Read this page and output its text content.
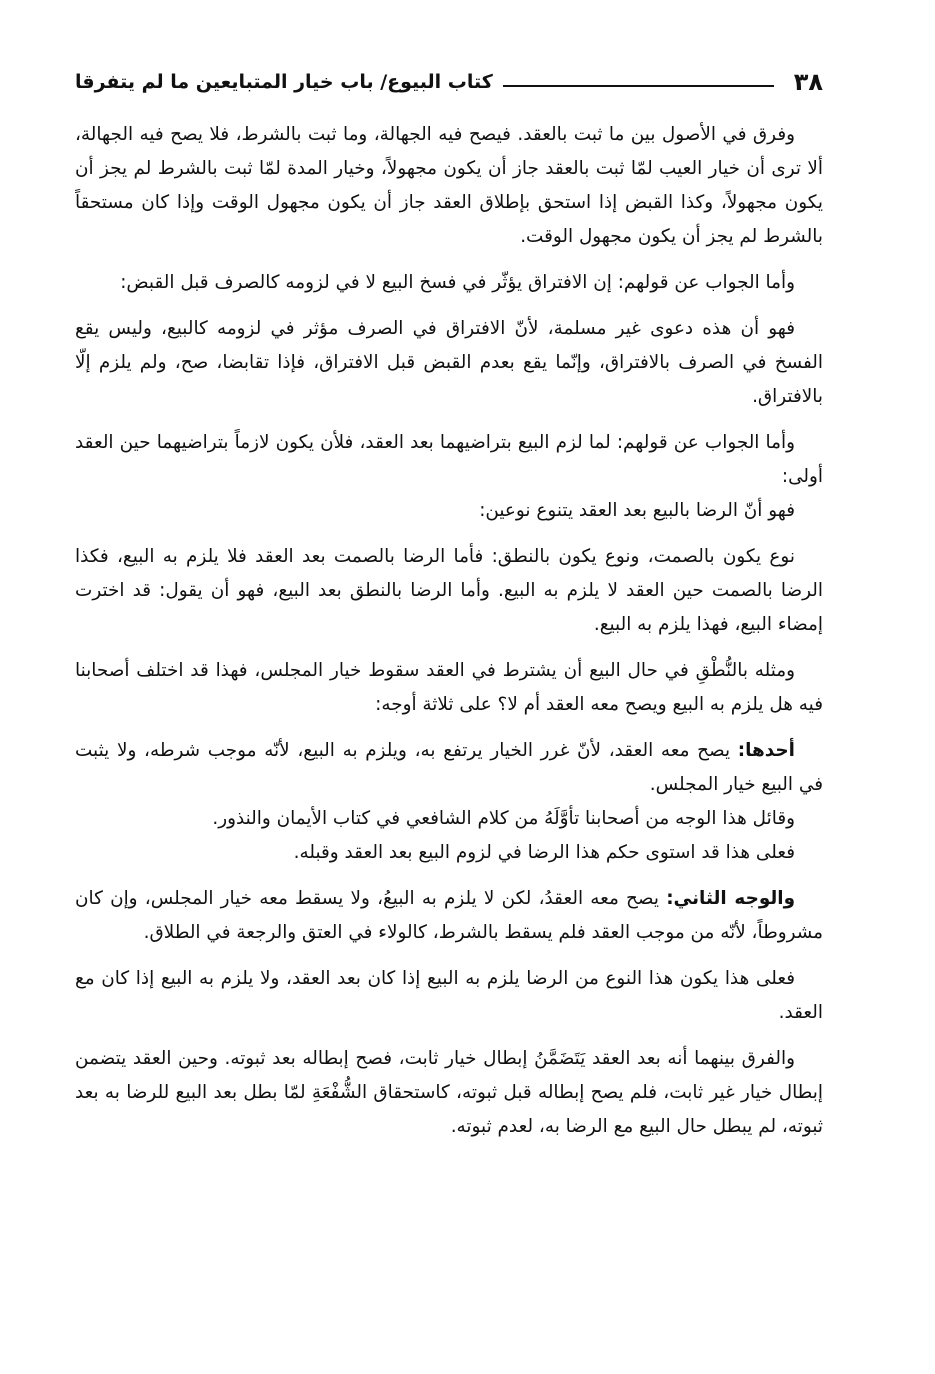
٣٨
كتاب البيوع/ باب خيار المتبايعين ما لم يتفرقا

وفرق في الأصول بين ما ثبت بالعقد. فيصح فيه الجهالة، وما ثبت بالشرط، فلا يصح فيه الجهالة، ألا ترى أن خيار العيب لمّا ثبت بالعقد جاز أن يكون مجهولاً، وخيار المدة لمّا ثبت بالشرط لم يجز أن يكون مجهولاً، وكذا القبض إذا استحق بإطلاق العقد جاز أن يكون مجهول الوقت وإذا كان مستحقاً بالشرط لم يجز أن يكون مجهول الوقت.

وأما الجواب عن قولهم: إن الافتراق يؤثّر في فسخ البيع لا في لزومه كالصرف قبل القبض:

فهو أن هذه دعوى غير مسلمة، لأنّ الافتراق في الصرف مؤثر في لزومه كالبيع، وليس يقع الفسخ في الصرف بالافتراق، وإنّما يقع بعدم القبض قبل الافتراق، فإذا تقابضا، صح، ولم يلزم إلّا بالافتراق.

وأما الجواب عن قولهم: لما لزم البيع بتراضيهما بعد العقد، فلأن يكون لازماً بتراضيهما حين العقد أولى:

فهو أنّ الرضا بالبيع بعد العقد يتنوع نوعين:

نوع يكون بالصمت، ونوع يكون بالنطق: فأما الرضا بالصمت بعد العقد فلا يلزم به البيع، فكذا الرضا بالصمت حين العقد لا يلزم به البيع. وأما الرضا بالنطق بعد البيع، فهو أن يقول: قد اخترت إمضاء البيع، فهذا يلزم به البيع.

ومثله بالنُّطْقِ في حال البيع أن يشترط في العقد سقوط خيار المجلس، فهذا قد اختلف أصحابنا فيه هل يلزم به البيع ويصح معه العقد أم لا؟ على ثلاثة أوجه:

أحدها: يصح معه العقد، لأنّ غرر الخيار يرتفع به، ويلزم به البيع، لأنّه موجب شرطه، ولا يثبت في البيع خيار المجلس.

وقائل هذا الوجه من أصحابنا تأوَّلَهُ من كلام الشافعي في كتاب الأيمان والنذور.

فعلى هذا قد استوى حكم هذا الرضا في لزوم البيع بعد العقد وقبله.

والوجه الثاني: يصح معه العقدُ، لكن لا يلزم به البيعُ، ولا يسقط معه خيار المجلس، وإن كان مشروطاً، لأنّه من موجب العقد فلم يسقط بالشرط، كالولاء في العتق والرجعة في الطلاق.

فعلى هذا يكون هذا النوع من الرضا يلزم به البيع إذا كان بعد العقد، ولا يلزم به البيع إذا كان مع العقد.

والفرق بينهما أنه بعد العقد يَتَضَمَّنُ إبطال خيار ثابت، فصح إبطاله بعد ثبوته. وحين العقد يتضمن إبطال خيار غير ثابت، فلم يصح إبطاله قبل ثبوته، كاستحقاق الشُّفْعَةِ لمّا بطل بعد البيع للرضا به بعد ثبوته، لم يبطل حال البيع مع الرضا به، لعدم ثبوته.
